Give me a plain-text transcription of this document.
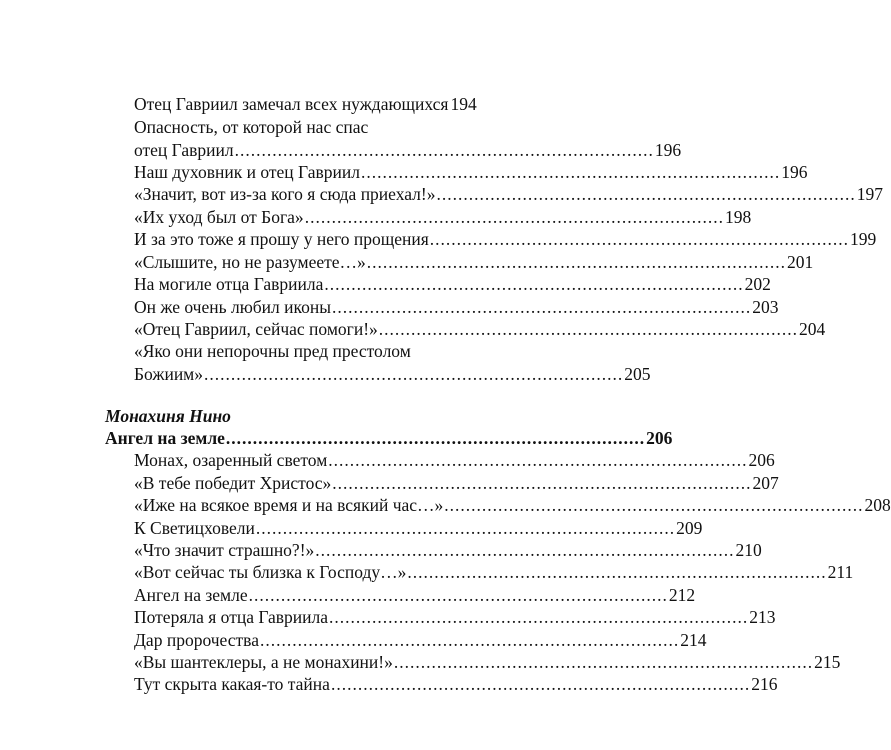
Отец Гавриил замечал всех нуждающихся 194
Опасность, от которой нас спас
отец Гавриил .............................................................................. 196
Наш духовник и отец Гавриил .............................................................................. 196
«Значит, вот из-за кого я сюда приехал!» .............................................................................. 197
«Их уход был от Бога» .............................................................................. 198
И за это тоже я прошу у него прощения .............................................................................. 199
«Слышите, но не разумеете…» .............................................................................. 201
На могиле отца Гавриила .............................................................................. 202
Он же очень любил иконы .............................................................................. 203
«Отец Гавриил, сейчас помоги!» .............................................................................. 204
«Яко они непорочны пред престолом
Божиим» .............................................................................. 205
Монахиня Нино
Ангел на земле .............................................................................. 206
Монах, озаренный светом .............................................................................. 206
«В тебе победит Христос» .............................................................................. 207
«Иже на всякое время и на всякий час…» .............................................................................. 208
К Светицховели .............................................................................. 209
«Что значит страшно?!» .............................................................................. 210
«Вот сейчас ты близка к Господу…» .............................................................................. 211
Ангел на земле .............................................................................. 212
Потеряла я отца Гавриила .............................................................................. 213
Дар пророчества .............................................................................. 214
«Вы шантеклеры, а не монахини!» .............................................................................. 215
Тут скрыта какая-то тайна .............................................................................. 216
